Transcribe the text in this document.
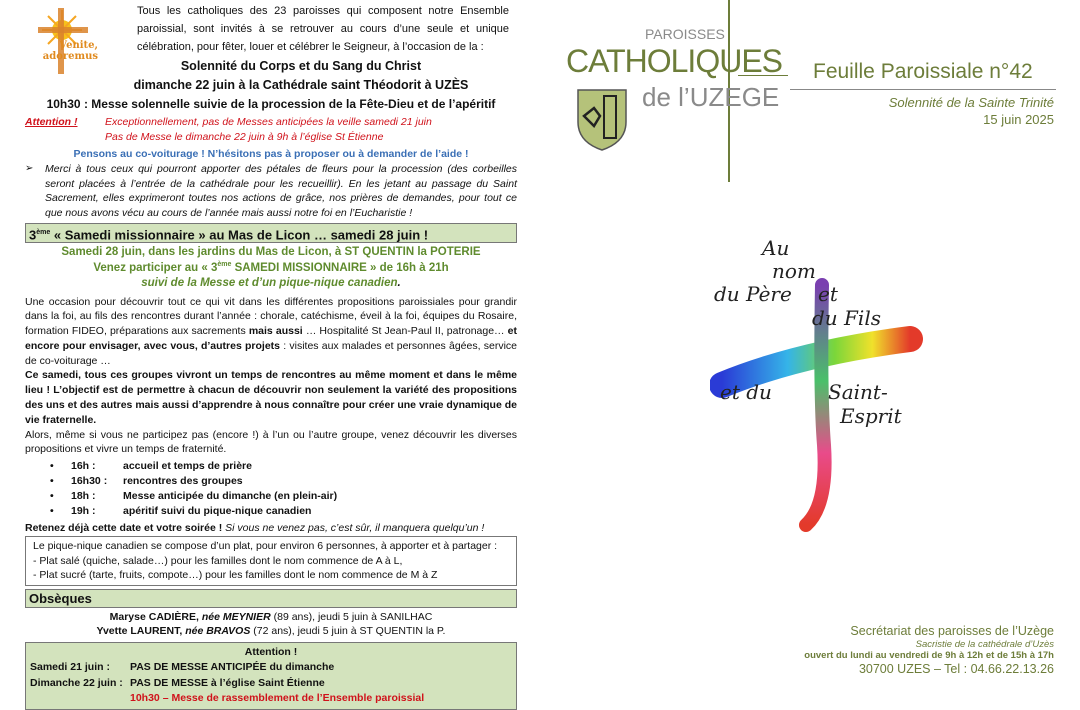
Venite, adoremus

Tous les catholiques des 23 paroisses qui composent notre Ensemble paroissial, sont invités à se retrouver au cours d’une seule et unique célébration, pour fêter, louer et célébrer le Seigneur, à l’occasion de la :

Solennité du Corps et du Sang du Christ
dimanche 22 juin à la Cathédrale saint Théodorit à UZÈS
10h30 : Messe solennelle suivie de la procession de la Fête-Dieu et de l’apéritif
Attention !	Exceptionnellement, pas de Messes anticipées la veille samedi 21 juin
Pas de Messe le dimanche 22 juin à 9h à l’église St Étienne
Pensons au co-voiturage ! N’hésitons pas à proposer ou à demander de l’aide !
➢	Merci à tous ceux qui pourront apporter des pétales de fleurs pour la procession (des corbeilles seront placées à l’entrée de la cathédrale pour les recueillir). En les jetant au passage du Saint Sacrement, elles exprimeront toutes nos actions de grâce, nos prières de demandes, pour tout ce que nous avons vécu au cours de l’année mais aussi notre foi en l’Eucharistie !

3ème « Samedi missionnaire » au Mas de Licon … samedi 28 juin !
Samedi 28 juin, dans les jardins du Mas de Licon, à ST QUENTIN la POTERIE
Venez participer au « 3ème SAMEDI MISSIONNAIRE » de 16h à 21h
suivi de la Messe et d’un pique-nique canadien.

Une occasion pour découvrir tout ce qui vit dans les différentes propositions paroissiales pour grandir dans la foi, au fils des rencontres durant l’année : chorale, catéchisme, éveil à la foi, équipes du Rosaire, formation FIDEO, préparations aux sacrements mais aussi … Hospitalité St Jean-Paul II, patronage… et encore pour envisager, avec vous, d’autres projets : visites aux malades et personnes âgées, service de co-voiturage …

Ce samedi, tous ces groupes vivront un temps de rencontres au même moment et dans le même lieu ! L’objectif est de permettre à chacun de découvrir non seulement la variété des propositions des uns et des autres mais aussi d’apprendre à nous connaître pour créer une vraie dynamique de vie fraternelle.

Alors, même si vous ne participez pas (encore !) à l’un ou l’autre groupe, venez découvrir les diverses propositions et vivre un temps de fraternité.

•	16h :	accueil et temps de prière
•	16h30 :	rencontres des groupes
•	18h :	Messe anticipée du dimanche (en plein-air)
•	19h :	apéritif suivi du pique-nique canadien
Retenez déjà cette date et votre soirée ! Si vous ne venez pas, c’est sûr, il manquera quelqu’un !
Le pique-nique canadien se compose d’un plat, pour environ 6 personnes, à apporter et à partager :
- Plat salé (quiche, salade…) pour les familles dont le nom commence de A à L,
- Plat sucré (tarte, fruits, compote…) pour les familles dont le nom commence de M à Z
Obsèques
Maryse CADIÈRE, née MEYNIER (89 ans), jeudi 5 juin à SANILHAC
Yvette LAURENT, née BRAVOS (72 ans), jeudi 5 juin à ST QUENTIN la P.
Attention !
Samedi 21 juin : PAS DE MESSE ANTICIPÉE du dimanche
Dimanche 22 juin : PAS DE MESSE à l’église Saint Étienne
10h30 – Messe de rassemblement de l’Ensemble paroissial
PAROISSES
CATHOLIQUES
de l’UZEGE
Feuille Paroissiale n°42
Solennité de la Sainte Trinité
15 juin 2025
Au
nom
du Père et
du Fils
et du	Saint-
Esprit
Secrétariat des paroisses de l’Uzège
Sacristie de la cathédrale d’Uzès
ouvert du lundi au vendredi de 9h à 12h et de 15h à 17h
30700 UZES – Tel : 04.66.22.13.26
